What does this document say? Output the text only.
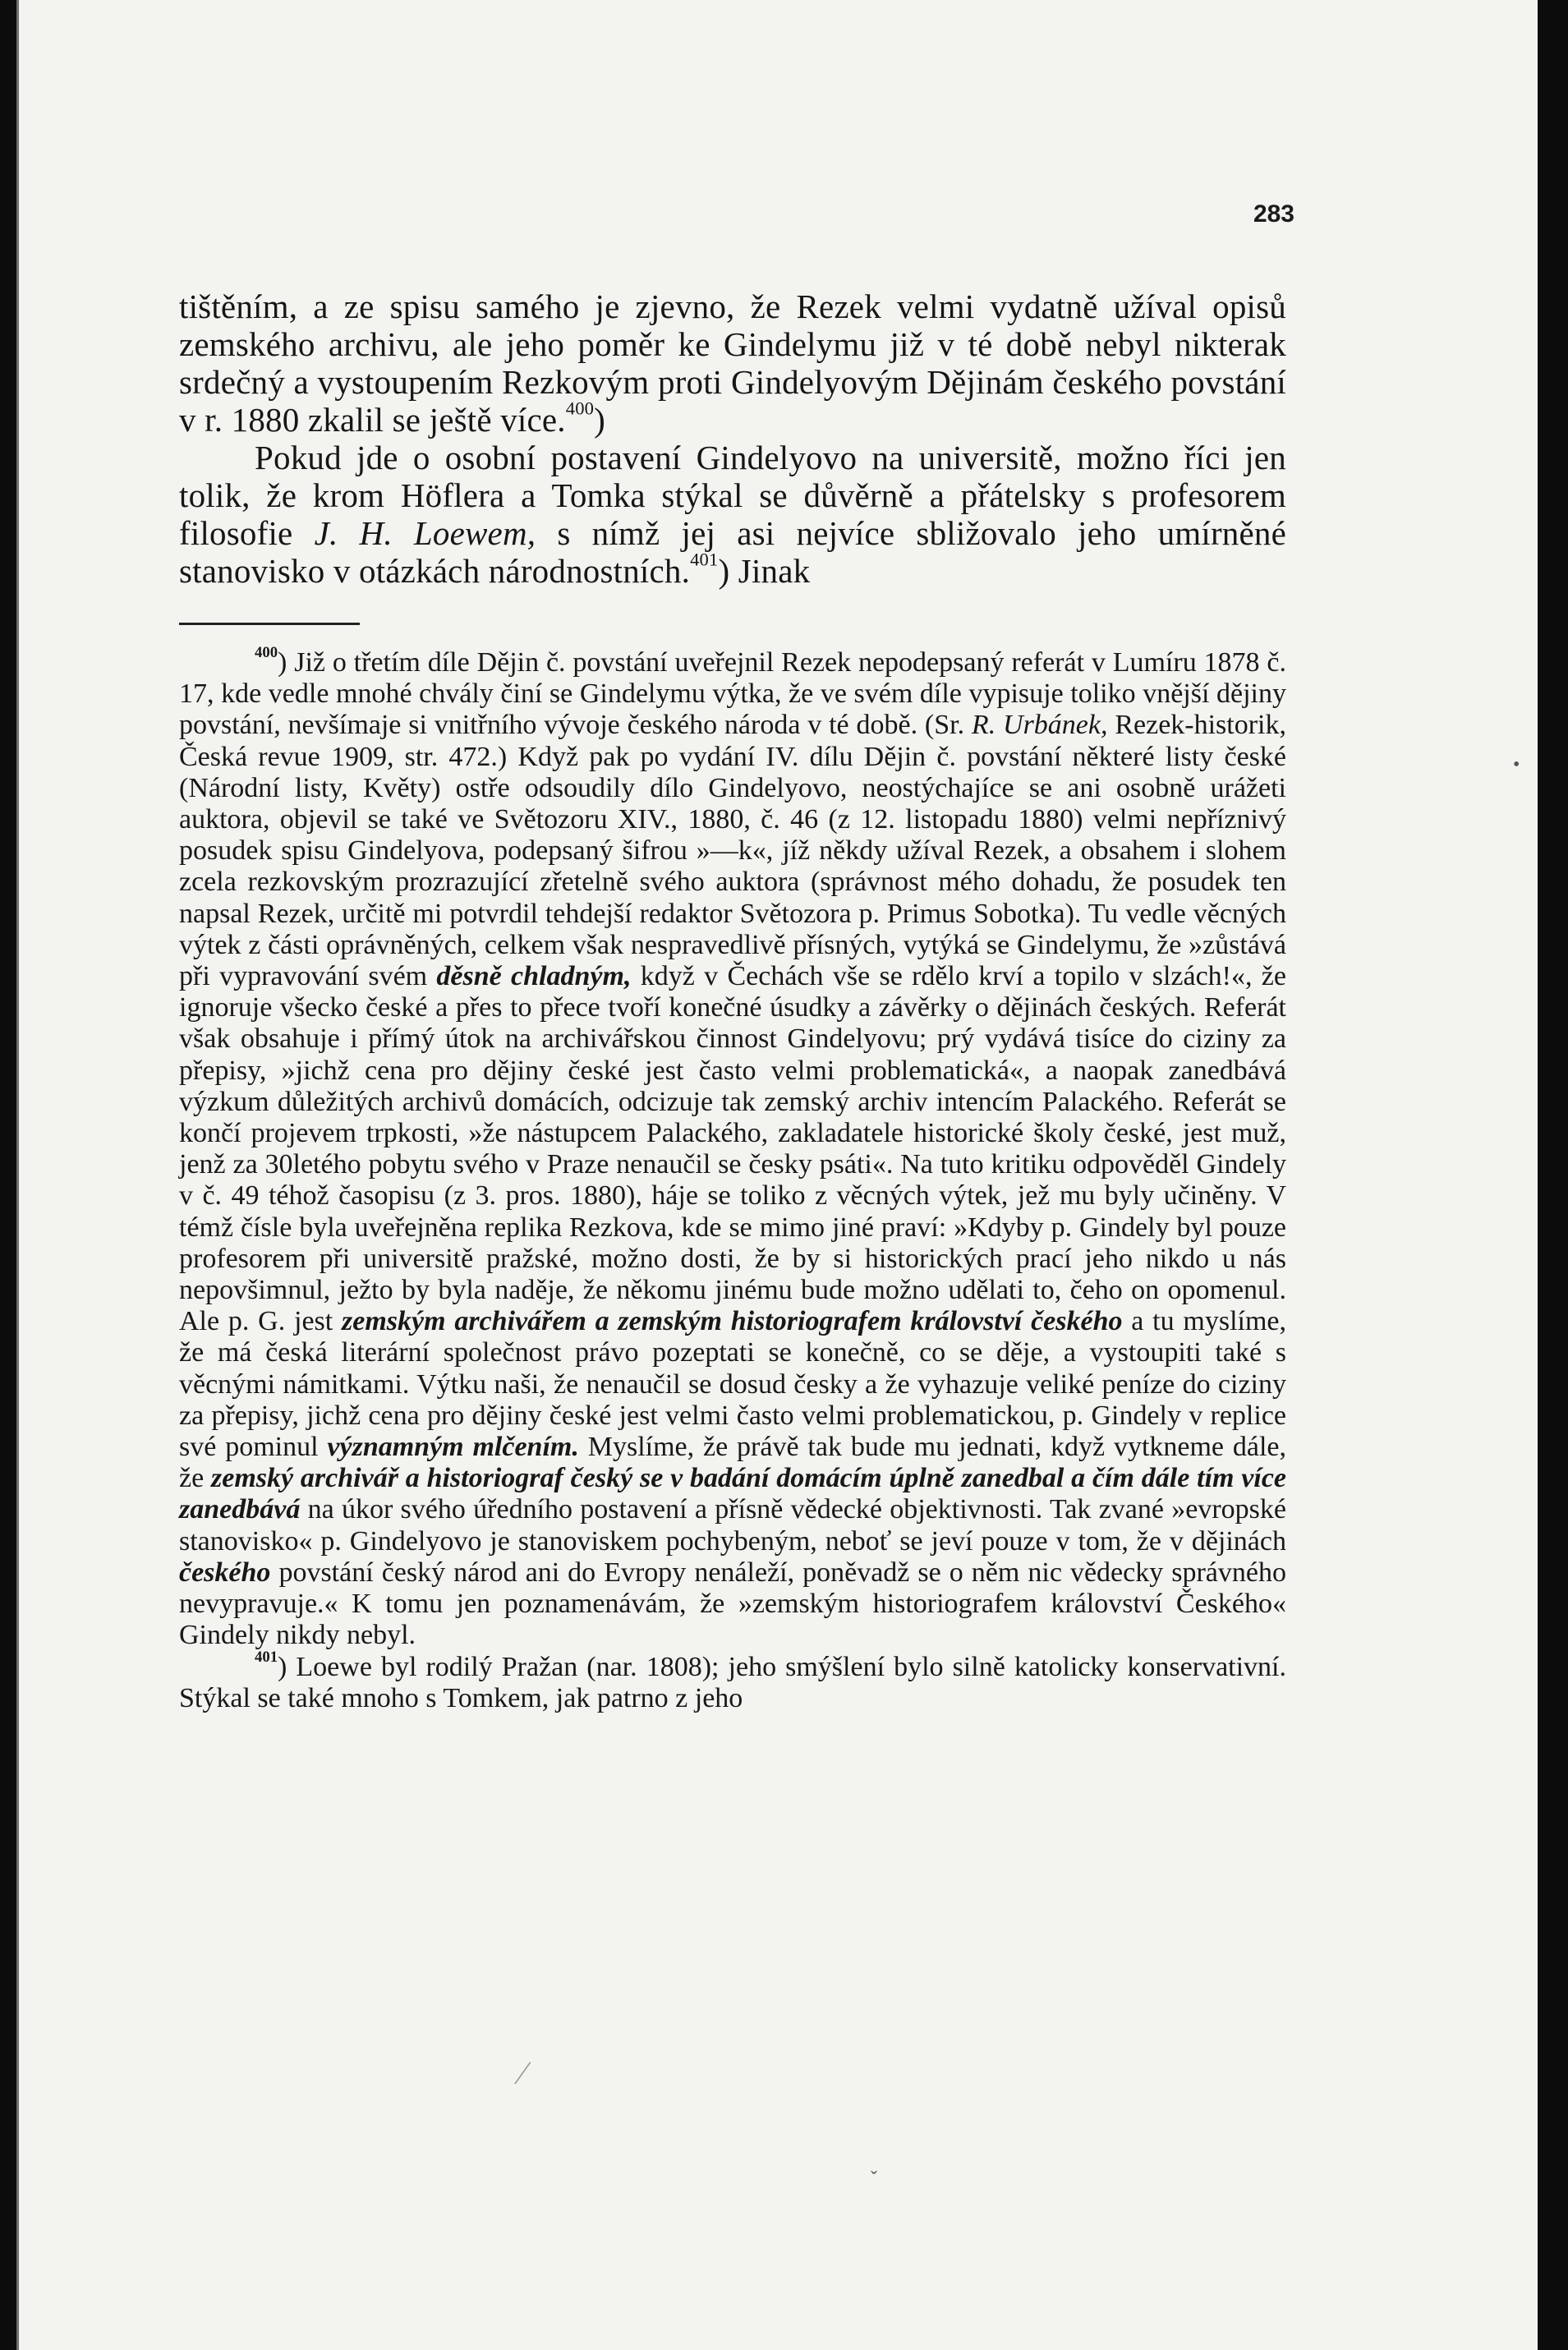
283

tištěním, a ze spisu samého je zjevno, že Rezek velmi vydatně užíval opisů zemského archivu, ale jeho poměr ke Gindelymu již v té době nebyl nikterak srdečný a vystoupením Rezkovým proti Gindelyovým Dějinám českého povstání v r. 1880 zkalil se ještě více.$^{400}$)

Pokud jde o osobní postavení Gindelyovo na universitě, možno říci jen tolik, že krom Höflera a Tomka stýkal se důvěrně a přátelsky s profesorem filosofie J. H. Loewem, s nímž jej asi nejvíce sbližovalo jeho umírněné stanovisko v otázkách národnostních.$^{401}$) Jinak

$^{400}$) Již o třetím díle Dějin č. povstání uveřejnil Rezek nepodepsaný referát v Lumíru 1878 č. 17, kde vedle mnohé chvály činí se Gindelymu výtka, že ve svém díle vypisuje toliko vnější dějiny povstání, nevšímaje si vnitřního vývoje českého národa v té době. (Sr. R. Urbánek, Rezek-historik, Česká revue 1909, str. 472.) Když pak po vydání IV. dílu Dějin č. povstání některé listy české (Národní listy, Květy) ostře odsoudily dílo Gindelyovo, neostýchajíce se ani osobně urážeti auktora, objevil se také ve Světozoru XIV., 1880, č. 46 (z 12. listopadu 1880) velmi nepříznivý posudek spisu Gindelyova, podepsaný šifrou »—k«, jíž někdy užíval Rezek, a obsahem i slohem zcela rezkovským prozrazující zřetelně svého auktora (správnost mého dohadu, že posudek ten napsal Rezek, určitě mi potvrdil tehdejší redaktor Světozora p. Primus Sobotka). Tu vedle věcných výtek z části oprávněných, celkem však nespravedlivě přísných, vytýká se Gindelymu, že »zůstává při vypravování svém děsně chladným, když v Čechách vše se rdělo krví a topilo v slzách!«, že ignoruje všecko české a přes to přece tvoří konečné úsudky a závěrky o dějinách českých. Referát však obsahuje i přímý útok na archivářskou činnost Gindelyovu; prý vydává tisíce do ciziny za přepisy, »jichž cena pro dějiny české jest často velmi problematická«, a naopak zanedbává výzkum důležitých archivů domácích, odcizuje tak zemský archiv intencím Palackého. Referát se končí projevem trpkosti, »že nástupcem Palackého, zakladatele historické školy české, jest muž, jenž za 30letého pobytu svého v Praze nenaučil se česky psáti«. Na tuto kritiku odpověděl Gindely v č. 49 téhož časopisu (z 3. pros. 1880), háje se toliko z věcných výtek, jež mu byly učiněny. V témž čísle byla uveřejněna replika Rezkova, kde se mimo jiné praví: »Kdyby p. Gindely byl pouze profesorem při universitě pražské, možno dosti, že by si historických prací jeho nikdo u nás nepovšimnul, ježto by byla naděje, že někomu jinému bude možno udělati to, čeho on opomenul. Ale p. G. jest zemským archivářem a zemským historiografem království českého a tu myslíme, že má česká literární společnost právo pozeptati se konečně, co se děje, a vystoupiti také s věcnými námitkami. Výtku naši, že nenaučil se dosud česky a že vyhazuje veliké peníze do ciziny za přepisy, jichž cena pro dějiny české jest velmi často velmi problematickou, p. Gindely v replice své pominul významným mlčením. Myslíme, že právě tak bude mu jednati, když vytkneme dále, že zemský archivář a historiograf český se v badání domácím úplně zanedbal a čím dále tím více zanedbává na úkor svého úředního postavení a přísně vědecké objektivnosti. Tak zvané »evropské stanovisko« p. Gindelyovo je stanoviskem pochybeným, neboť se jeví pouze v tom, že v dějinách českého povstání český národ ani do Evropy nenáleží, poněvadž se o něm nic vědecky správného nevypravuje.« K tomu jen poznamenávám, že »zemským historiografem království Českého« Gindely nikdy nebyl.

$^{401}$) Loewe byl rodilý Pražan (nar. 1808); jeho smýšlení bylo silně katolicky konservativní. Stýkal se také mnoho s Tomkem, jak patrno z jeho

•
⁄
ˇ
